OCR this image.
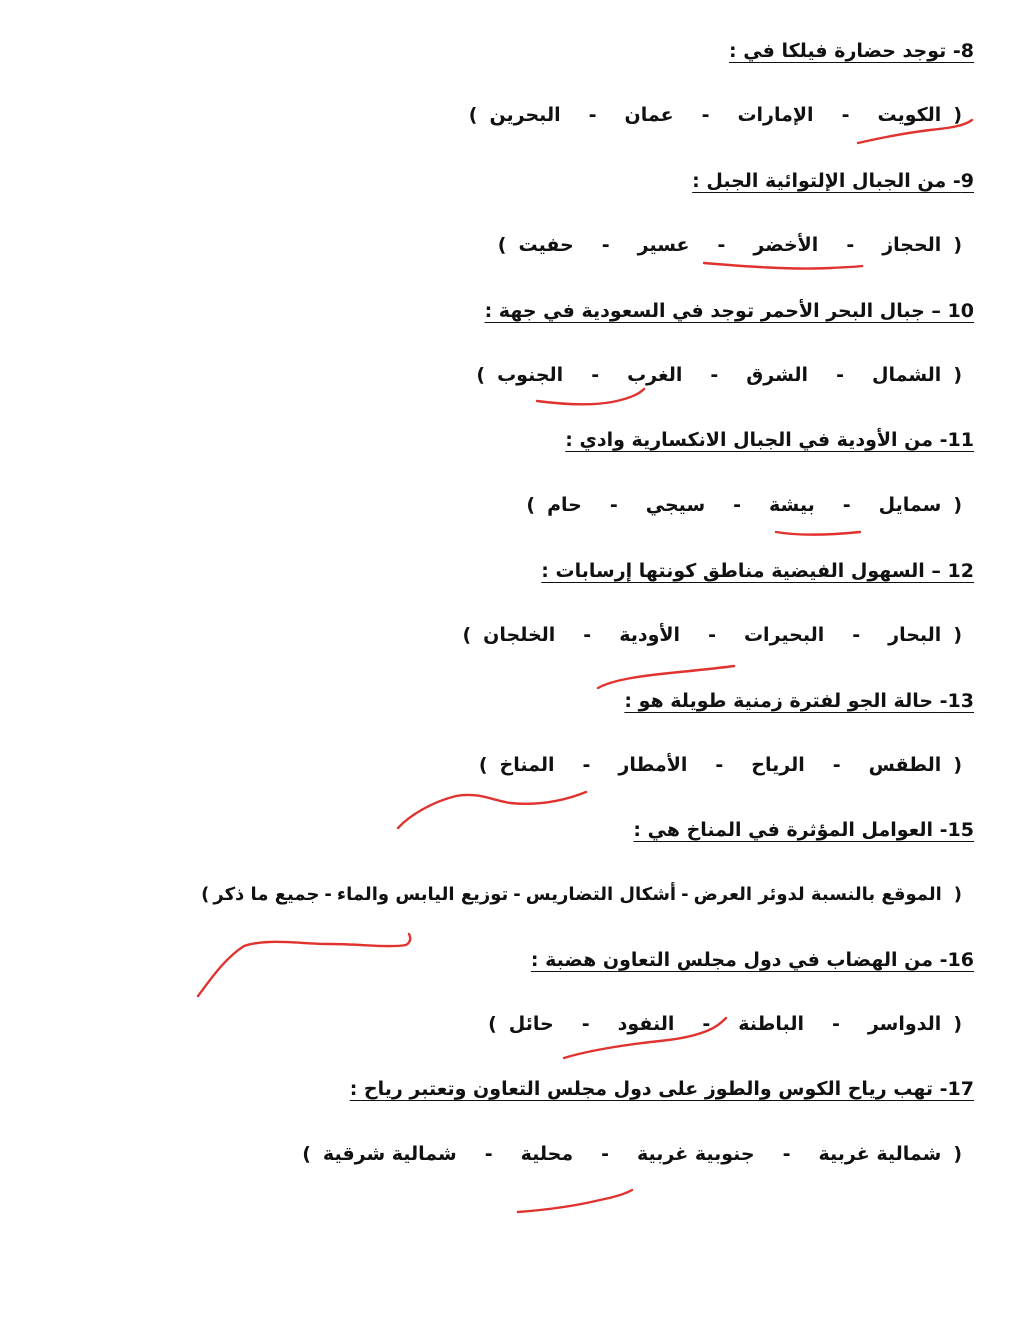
8- توجد حضارة فيلكا في :
(الكويت-الإمارات-عمان-البحرين)
9- من الجبال الإلتوائية الجبل :
(الحجاز-الأخضر-عسير-حفيت)
10 – جبال البحر الأحمر توجد في السعودية في جهة :
(الشمال-الشرق-الغرب-الجنوب)
11- من الأودية في الجبال الانكسارية وادي :
(سمايل-بيشة-سيجي-حام)
12 – السهول الفيضية مناطق كونتها إرسابات :
(البحار-البحيرات-الأودية-الخلجان)
13- حالة الجو لفترة زمنية طويلة هو :
(الطقس-الرياح-الأمطار-المناخ)
15- العوامل المؤثرة في المناخ هي :
(الموقع بالنسبة لدوئر العرض-أشكال التضاريس-توزيع اليابس والماء-جميع ما ذكر)
16- من الهضاب في دول مجلس التعاون هضبة :
(الدواسر-الباطنة-النفود-حائل)
17- تهب رياح الكوس والطوز على دول مجلس التعاون وتعتبر رياح :
(شمالية غربية-جنوبية غربية-محلية-شمالية شرقية)
